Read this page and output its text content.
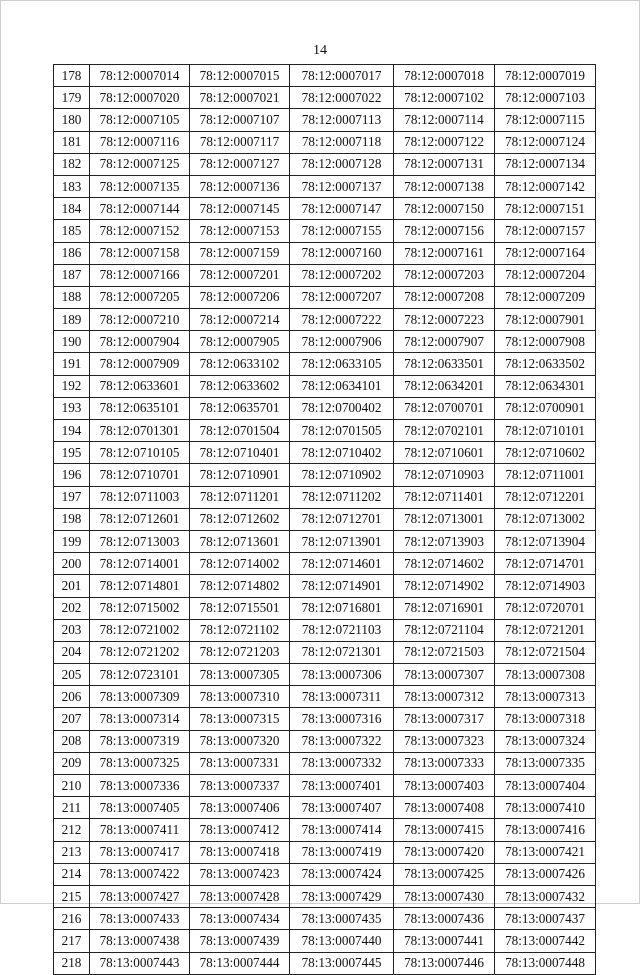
14
178	78:12:0007014	78:12:0007015	78:12:0007017	78:12:0007018	78:12:0007019
179	78:12:0007020	78:12:0007021	78:12:0007022	78:12:0007102	78:12:0007103
180	78:12:0007105	78:12:0007107	78:12:0007113	78:12:0007114	78:12:0007115
181	78:12:0007116	78:12:0007117	78:12:0007118	78:12:0007122	78:12:0007124
182	78:12:0007125	78:12:0007127	78:12:0007128	78:12:0007131	78:12:0007134
183	78:12:0007135	78:12:0007136	78:12:0007137	78:12:0007138	78:12:0007142
184	78:12:0007144	78:12:0007145	78:12:0007147	78:12:0007150	78:12:0007151
185	78:12:0007152	78:12:0007153	78:12:0007155	78:12:0007156	78:12:0007157
186	78:12:0007158	78:12:0007159	78:12:0007160	78:12:0007161	78:12:0007164
187	78:12:0007166	78:12:0007201	78:12:0007202	78:12:0007203	78:12:0007204
188	78:12:0007205	78:12:0007206	78:12:0007207	78:12:0007208	78:12:0007209
189	78:12:0007210	78:12:0007214	78:12:0007222	78:12:0007223	78:12:0007901
190	78:12:0007904	78:12:0007905	78:12:0007906	78:12:0007907	78:12:0007908
191	78:12:0007909	78:12:0633102	78:12:0633105	78:12:0633501	78:12:0633502
192	78:12:0633601	78:12:0633602	78:12:0634101	78:12:0634201	78:12:0634301
193	78:12:0635101	78:12:0635701	78:12:0700402	78:12:0700701	78:12:0700901
194	78:12:0701301	78:12:0701504	78:12:0701505	78:12:0702101	78:12:0710101
195	78:12:0710105	78:12:0710401	78:12:0710402	78:12:0710601	78:12:0710602
196	78:12:0710701	78:12:0710901	78:12:0710902	78:12:0710903	78:12:0711001
197	78:12:0711003	78:12:0711201	78:12:0711202	78:12:0711401	78:12:0712201
198	78:12:0712601	78:12:0712602	78:12:0712701	78:12:0713001	78:12:0713002
199	78:12:0713003	78:12:0713601	78:12:0713901	78:12:0713903	78:12:0713904
200	78:12:0714001	78:12:0714002	78:12:0714601	78:12:0714602	78:12:0714701
201	78:12:0714801	78:12:0714802	78:12:0714901	78:12:0714902	78:12:0714903
202	78:12:0715002	78:12:0715501	78:12:0716801	78:12:0716901	78:12:0720701
203	78:12:0721002	78:12:0721102	78:12:0721103	78:12:0721104	78:12:0721201
204	78:12:0721202	78:12:0721203	78:12:0721301	78:12:0721503	78:12:0721504
205	78:12:0723101	78:13:0007305	78:13:0007306	78:13:0007307	78:13:0007308
206	78:13:0007309	78:13:0007310	78:13:0007311	78:13:0007312	78:13:0007313
207	78:13:0007314	78:13:0007315	78:13:0007316	78:13:0007317	78:13:0007318
208	78:13:0007319	78:13:0007320	78:13:0007322	78:13:0007323	78:13:0007324
209	78:13:0007325	78:13:0007331	78:13:0007332	78:13:0007333	78:13:0007335
210	78:13:0007336	78:13:0007337	78:13:0007401	78:13:0007403	78:13:0007404
211	78:13:0007405	78:13:0007406	78:13:0007407	78:13:0007408	78:13:0007410
212	78:13:0007411	78:13:0007412	78:13:0007414	78:13:0007415	78:13:0007416
213	78:13:0007417	78:13:0007418	78:13:0007419	78:13:0007420	78:13:0007421
214	78:13:0007422	78:13:0007423	78:13:0007424	78:13:0007425	78:13:0007426
215	78:13:0007427	78:13:0007428	78:13:0007429	78:13:0007430	78:13:0007432
216	78:13:0007433	78:13:0007434	78:13:0007435	78:13:0007436	78:13:0007437
217	78:13:0007438	78:13:0007439	78:13:0007440	78:13:0007441	78:13:0007442
218	78:13:0007443	78:13:0007444	78:13:0007445	78:13:0007446	78:13:0007448
